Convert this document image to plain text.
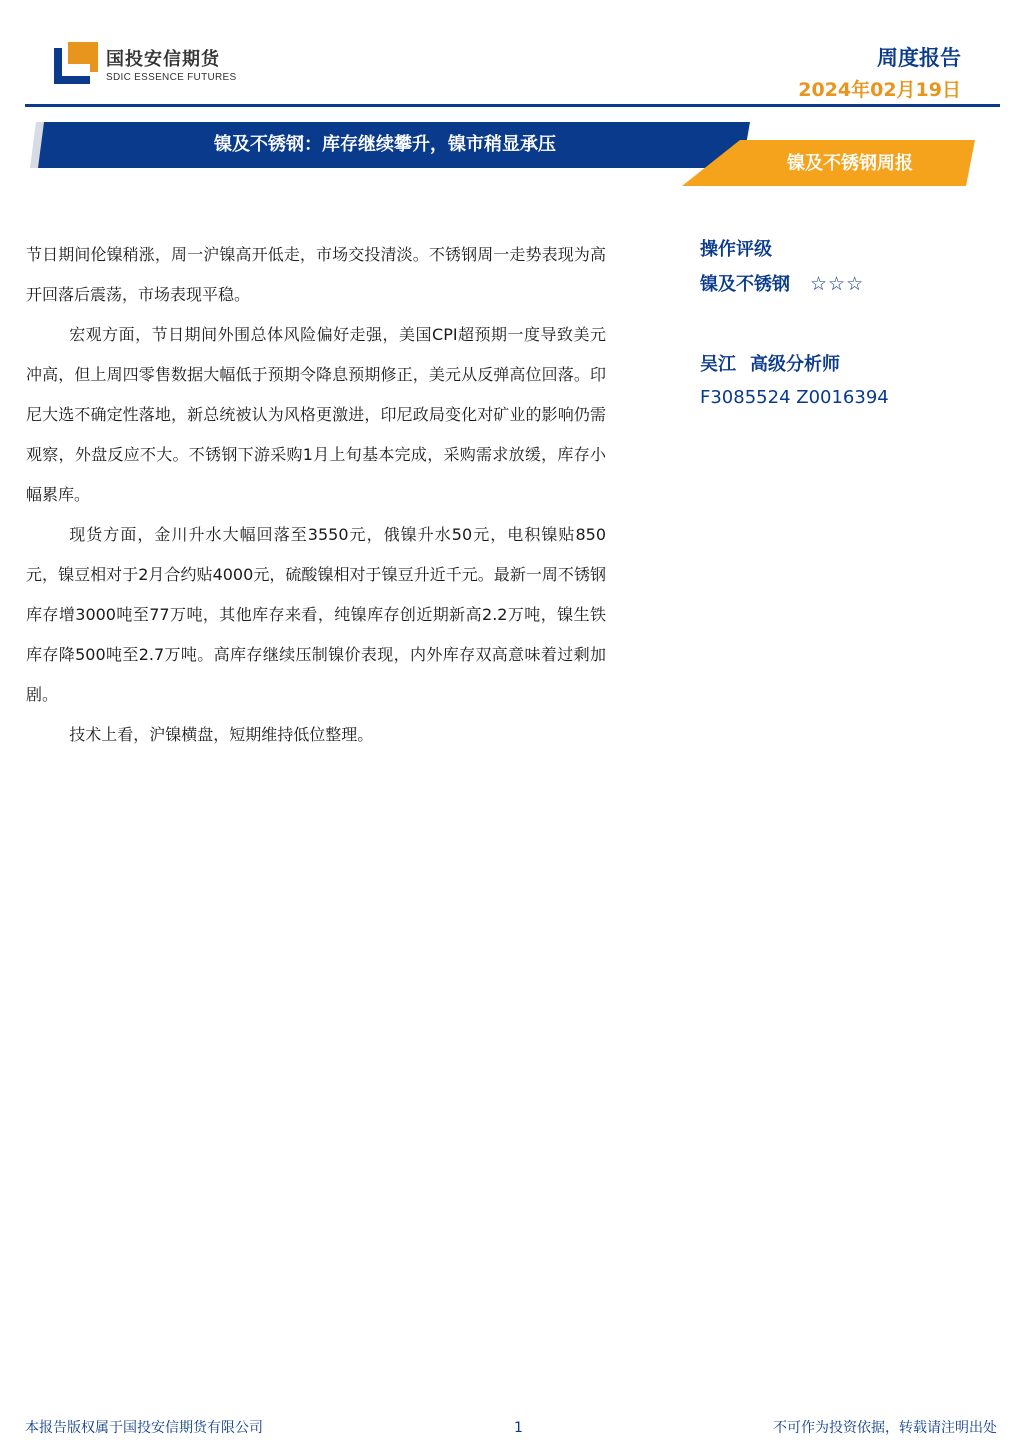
国投安信期货
SDIC ESSENCE FUTURES
周度报告
2024年02月19日
镍及不锈钢：库存继续攀升，镍市稍显承压
镍及不锈钢周报

节日期间伦镍稍涨，周一沪镍高开低走，市场交投清淡。不锈钢周一走势表现为高开回落后震荡，市场表现平稳。

宏观方面，节日期间外围总体风险偏好走强，美国CPI超预期一度导致美元冲高，但上周四零售数据大幅低于预期令降息预期修正，美元从反弹高位回落。印尼大选不确定性落地，新总统被认为风格更激进，印尼政局变化对矿业的影响仍需观察，外盘反应不大。不锈钢下游采购1月上旬基本完成，采购需求放缓，库存小幅累库。

现货方面，金川升水大幅回落至3550元，俄镍升水50元，电积镍贴850元，镍豆相对于2月合约贴4000元，硫酸镍相对于镍豆升近千元。最新一周不锈钢库存增3000吨至77万吨，其他库存来看，纯镍库存创近期新高2.2万吨，镍生铁库存降500吨至2.7万吨。高库存继续压制镍价表现，内外库存双高意味着过剩加剧。

技术上看，沪镍横盘，短期维持低位整理。

操作评级
镍及不锈钢 ☆☆☆
吴江 高级分析师
F3085524 Z0016394
本报告版权属于国投安信期货有限公司	1	不可作为投资依据，转载请注明出处
